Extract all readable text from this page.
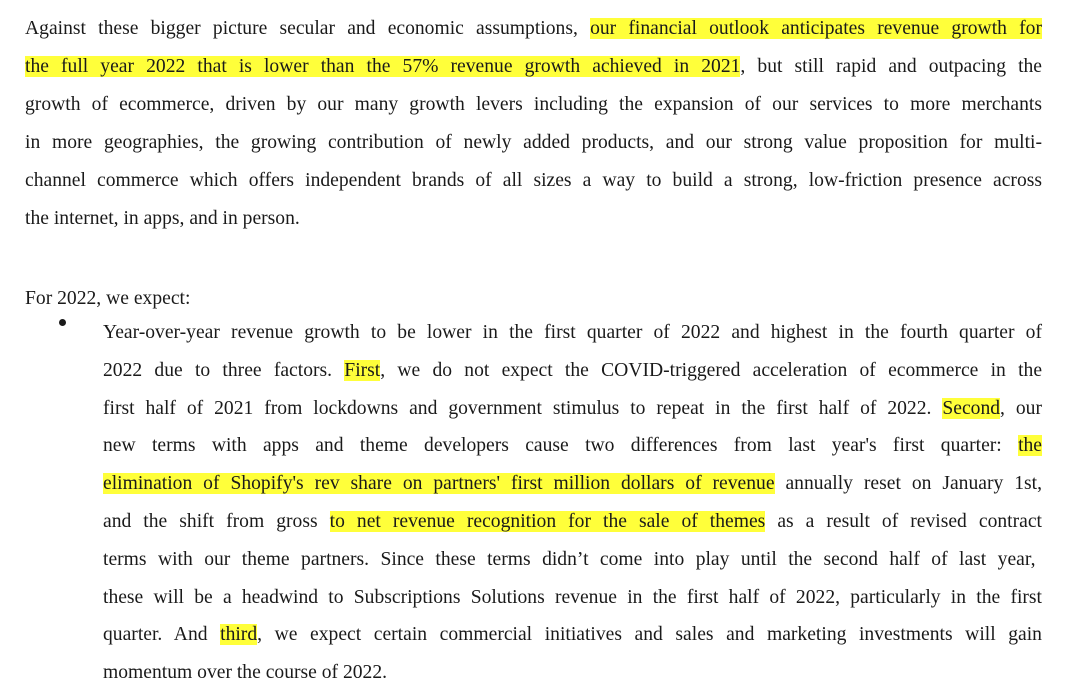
Against these bigger picture secular and economic assumptions, our financial outlook anticipates revenue growth for
the full year 2022 that is lower than the 57% revenue growth achieved in 2021, but still rapid and outpacing the
growth of ecommerce, driven by our many growth levers including the expansion of our services to more merchants
in more geographies, the growing contribution of newly added products, and our strong value proposition for multi-
channel commerce which offers independent brands of all sizes a way to build a strong, low-friction presence across
the internet, in apps, and in person.
For 2022, we expect:
Year-over-year revenue growth to be lower in the first quarter of 2022 and highest in the fourth quarter of
2022 due to three factors. First, we do not expect the COVID-triggered acceleration of ecommerce in the
first half of 2021 from lockdowns and government stimulus to repeat in the first half of 2022. Second, our
new terms with apps and theme developers cause two differences from last year's first quarter: the
elimination of Shopify's rev share on partners' first million dollars of revenue annually reset on January 1st,
and the shift from gross to net revenue recognition for the sale of themes as a result of revised contract
terms with our theme partners. Since these terms didn’t come into play until the second half of last year,
these will be a headwind to Subscriptions Solutions revenue in the first half of 2022, particularly in the first
quarter. And third, we expect certain commercial initiatives and sales and marketing investments will gain
momentum over the course of 2022.
